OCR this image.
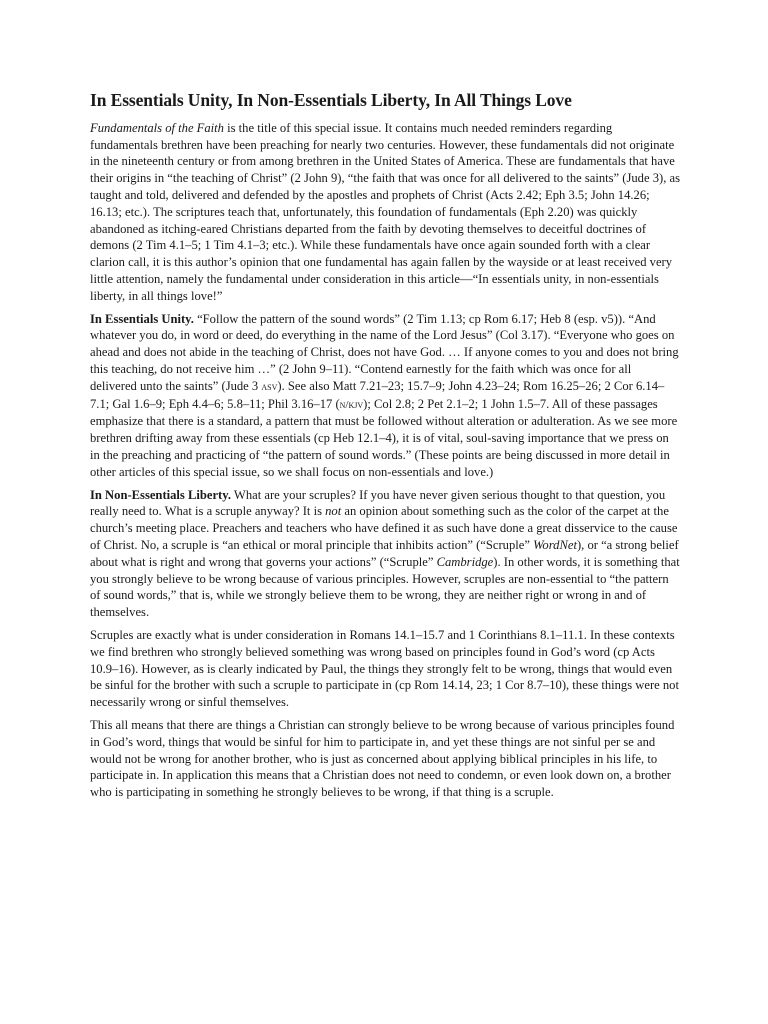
In Essentials Unity, In Non-Essentials Liberty, In All Things Love

Fundamentals of the Faith is the title of this special issue. It contains much needed reminders regarding fundamentals brethren have been preaching for nearly two centuries. However, these fundamentals did not originate in the nineteenth century or from among brethren in the United States of America. These are fundamentals that have their origins in “the teaching of Christ” (2 John 9), “the faith that was once for all delivered to the saints” (Jude 3), as taught and told, delivered and defended by the apostles and prophets of Christ (Acts 2.42; Eph 3.5; John 14.26; 16.13; etc.). The scriptures teach that, unfortunately, this foundation of fundamentals (Eph 2.20) was quickly abandoned as itching-eared Christians departed from the faith by devoting themselves to deceitful doctrines of demons (2 Tim 4.1–5; 1 Tim 4.1–3; etc.). While these fundamentals have once again sounded forth with a clear clarion call, it is this author’s opinion that one fundamental has again fallen by the wayside or at least received very little attention, namely the fundamental under consideration in this article—“In essentials unity, in non-essentials liberty, in all things love!”

In Essentials Unity. “Follow the pattern of the sound words” (2 Tim 1.13; cp Rom 6.17; Heb 8 (esp. v5)). “And whatever you do, in word or deed, do everything in the name of the Lord Jesus” (Col 3.17). “Everyone who goes on ahead and does not abide in the teaching of Christ, does not have God. … If anyone comes to you and does not bring this teaching, do not receive him …” (2 John 9–11). “Contend earnestly for the faith which was once for all delivered unto the saints” (Jude 3 asv). See also Matt 7.21–23; 15.7–9; John 4.23–24; Rom 16.25–26; 2 Cor 6.14–7.1; Gal 1.6–9; Eph 4.4–6; 5.8–11; Phil 3.16–17 (n/kjv); Col 2.8; 2 Pet 2.1–2; 1 John 1.5–7. All of these passages emphasize that there is a standard, a pattern that must be followed without alteration or adulteration. As we see more brethren drifting away from these essentials (cp Heb 12.1–4), it is of vital, soul-saving importance that we press on in the preaching and practicing of “the pattern of sound words.” (These points are being discussed in more detail in other articles of this special issue, so we shall focus on non-essentials and love.)

In Non-Essentials Liberty. What are your scruples? If you have never given serious thought to that question, you really need to. What is a scruple anyway? It is not an opinion about something such as the color of the carpet at the church’s meeting place. Preachers and teachers who have defined it as such have done a great disservice to the cause of Christ. No, a scruple is “an ethical or moral principle that inhibits action” (“Scruple” WordNet), or “a strong belief about what is right and wrong that governs your actions” (“Scruple” Cambridge). In other words, it is something that you strongly believe to be wrong because of various principles. However, scruples are non-essential to “the pattern of sound words,” that is, while we strongly believe them to be wrong, they are neither right or wrong in and of themselves.

Scruples are exactly what is under consideration in Romans 14.1–15.7 and 1 Corinthians 8.1–11.1. In these contexts we find brethren who strongly believed something was wrong based on principles found in God’s word (cp Acts 10.9–16). However, as is clearly indicated by Paul, the things they strongly felt to be wrong, things that would even be sinful for the brother with such a scruple to participate in (cp Rom 14.14, 23; 1 Cor 8.7–10), these things were not necessarily wrong or sinful themselves.

This all means that there are things a Christian can strongly believe to be wrong because of various principles found in God’s word, things that would be sinful for him to participate in, and yet these things are not sinful per se and would not be wrong for another brother, who is just as concerned about applying biblical principles in his life, to participate in. In application this means that a Christian does not need to condemn, or even look down on, a brother who is participating in something he strongly believes to be wrong, if that thing is a scruple.
